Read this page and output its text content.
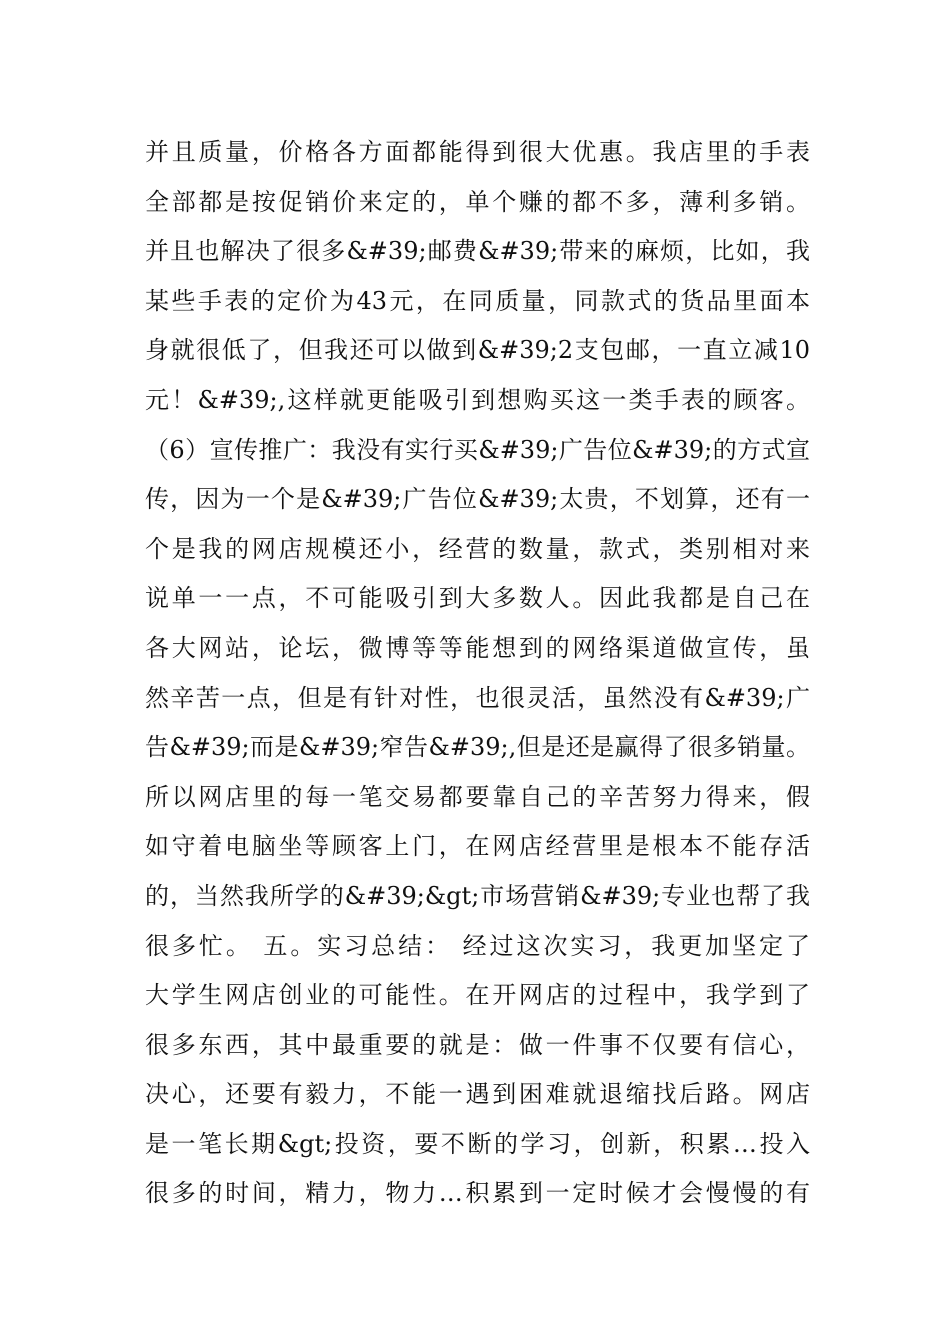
并且质量，价格各方面都能得到很大优惠。我店里的手表
全部都是按促销价来定的，单个赚的都不多，薄利多销。
并且也解决了很多&#39;邮费&#39;带来的麻烦，比如，我
某些手表的定价为43元，在同质量，同款式的货品里面本
身就很低了，但我还可以做到&#39;2支包邮，一直立减10
元！&#39;,这样就更能吸引到想购买这一类手表的顾客。
（6）宣传推广：我没有实行买&#39;广告位&#39;的方式宣
传，因为一个是&#39;广告位&#39;太贵，不划算，还有一
个是我的网店规模还小，经营的数量，款式，类别相对来
说单一一点，不可能吸引到大多数人。因此我都是自己在
各大网站，论坛，微博等等能想到的网络渠道做宣传，虽
然辛苦一点，但是有针对性，也很灵活，虽然没有&#39;广
告&#39;而是&#39;窄告&#39;,但是还是赢得了很多销量。
所以网店里的每一笔交易都要靠自己的辛苦努力得来，假
如守着电脑坐等顾客上门，在网店经营里是根本不能存活
的，当然我所学的&#39;&gt;市场营销&#39;专业也帮了我
很多忙。 五。实习总结： 经过这次实习，我更加坚定了
大学生网店创业的可能性。在开网店的过程中，我学到了
很多东西，其中最重要的就是：做一件事不仅要有信心，
决心，还要有毅力，不能一遇到困难就退缩找后路。网店
是一笔长期&gt;投资，要不断的学习，创新，积累…投入
很多的时间，精力，物力…积累到一定时候才会慢慢的有
